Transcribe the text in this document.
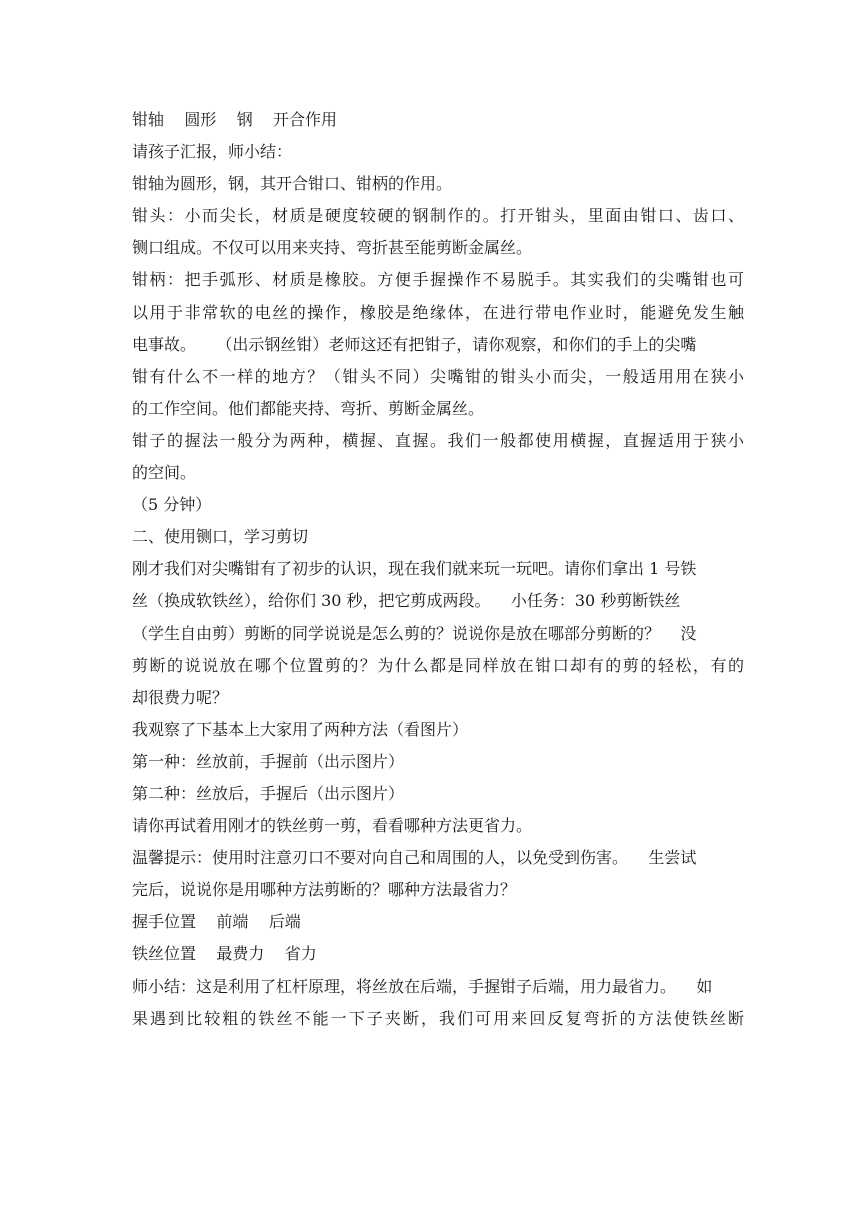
钳轴    圆形    钢    开合作用
请孩子汇报，师小结：
钳轴为圆形，钢，其开合钳口、钳柄的作用。
钳头：小而尖长，材质是硬度较硬的钢制作的。打开钳头，里面由钳口、齿口、
铡口组成。不仅可以用来夹持、弯折甚至能剪断金属丝。
钳柄：把手弧形、材质是橡胶。方便手握操作不易脱手。其实我们的尖嘴钳也可
以用于非常软的电丝的操作，橡胶是绝缘体，在进行带电作业时，能避免发生触
电事故。    （出示钢丝钳）老师这还有把钳子，请你观察，和你们的手上的尖嘴
钳有什么不一样的地方？（钳头不同）尖嘴钳的钳头小而尖，一般适用用在狭小
的工作空间。他们都能夹持、弯折、剪断金属丝。
钳子的握法一般分为两种，横握、直握。我们一般都使用横握，直握适用于狭小
的空间。
（5 分钟）
二、使用铡口，学习剪切
刚才我们对尖嘴钳有了初步的认识，现在我们就来玩一玩吧。请你们拿出 1 号铁
丝（换成软铁丝），给你们 30 秒，把它剪成两段。    小任务：30 秒剪断铁丝
（学生自由剪）剪断的同学说说是怎么剪的？说说你是放在哪部分剪断的？    没
剪断的说说放在哪个位置剪的？为什么都是同样放在钳口却有的剪的轻松，有的
却很费力呢？
我观察了下基本上大家用了两种方法（看图片）
第一种：丝放前，手握前（出示图片）
第二种：丝放后，手握后（出示图片）
请你再试着用刚才的铁丝剪一剪，看看哪种方法更省力。
温馨提示：使用时注意刃口不要对向自己和周围的人，以免受到伤害。    生尝试
完后，说说你是用哪种方法剪断的？哪种方法最省力？
握手位置    前端    后端
铁丝位置    最费力    省力
师小结：这是利用了杠杆原理，将丝放在后端，手握钳子后端，用力最省力。    如
果遇到比较粗的铁丝不能一下子夹断，我们可用来回反复弯折的方法使铁丝断
